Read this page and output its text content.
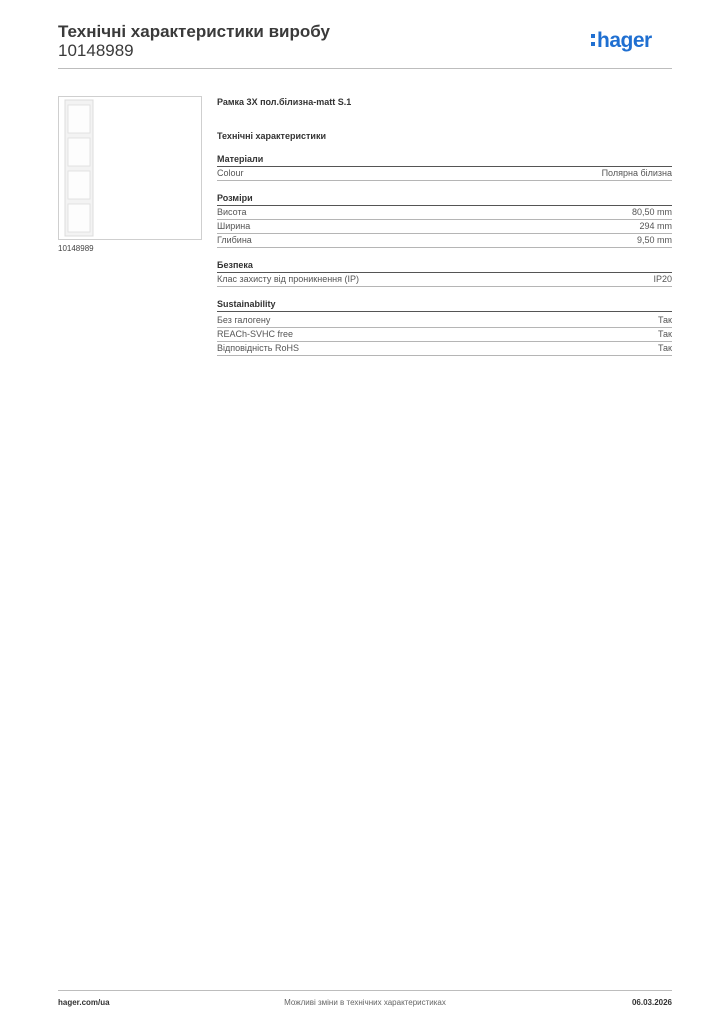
Технічні характеристики виробу
10148989	hager
10148989
Рамка 3X пол.білизна-matt S.1
Технічні характеристики
Матеріали
Colour	Полярна білизна
Розміри
Висота	80,50 mm
Ширина	294 mm
Глибина	9,50 mm
Безпека
Клас захисту від проникнення (IP)	IP20
Sustainability
Без галогену	Так
REACh-SVHC free	Так
Відповідність RoHS	Так
hager.com/ua	Можливі зміни в технічних характеристиках	06.03.2026
